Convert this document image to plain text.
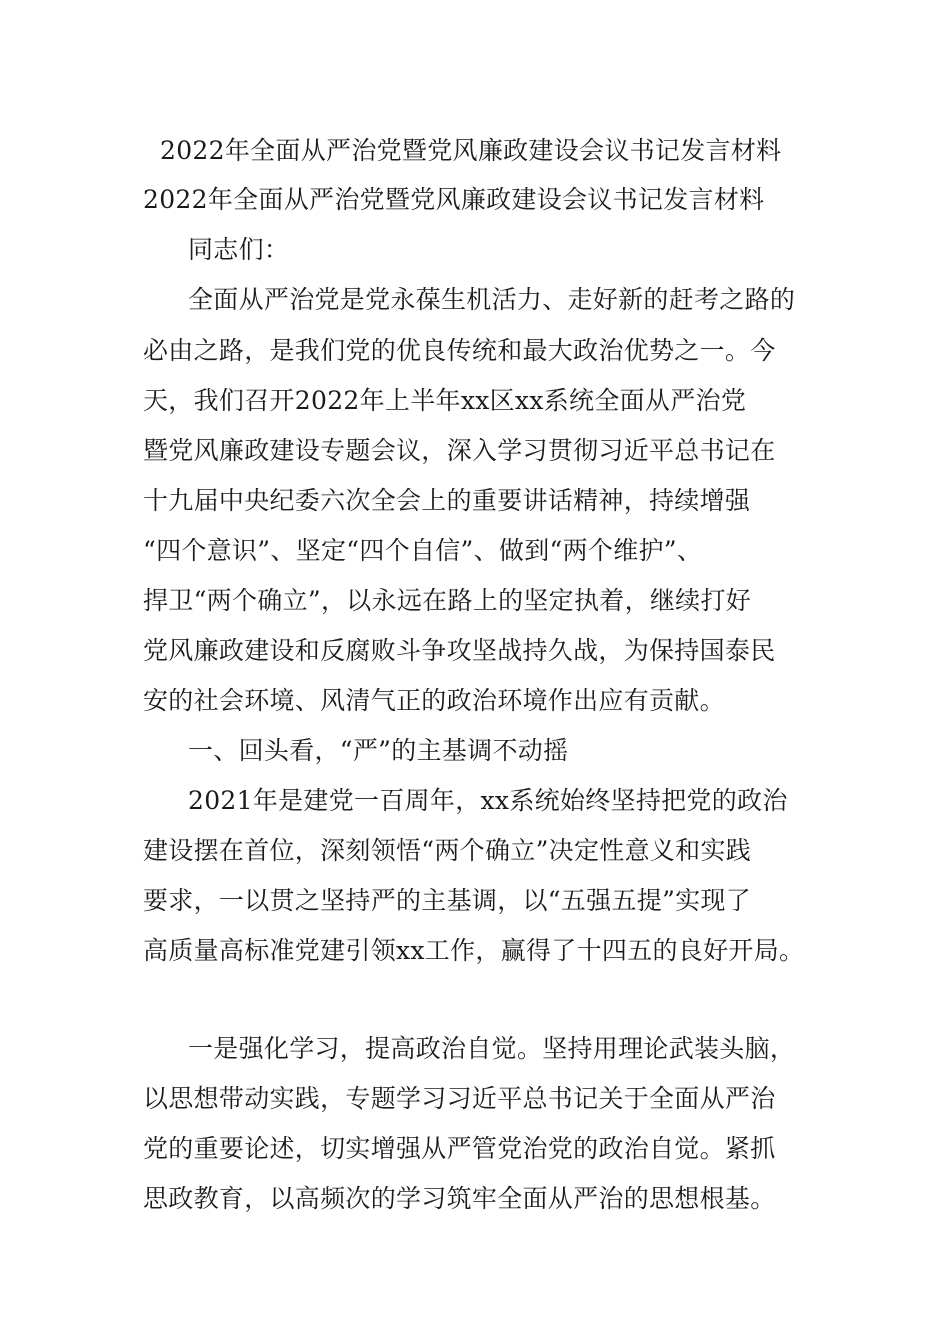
2022年全面从严治党暨党风廉政建设会议书记发言材料
2022年全面从严治党暨党风廉政建设会议书记发言材料
同志们：
全面从严治党是党永葆生机活力、走好新的赶考之路的
必由之路，是我们党的优良传统和最大政治优势之一。今
天，我们召开2022年上半年xx区xx系统全面从严治党
暨党风廉政建设专题会议，深入学习贯彻习近平总书记在
十九届中央纪委六次全会上的重要讲话精神，持续增强
“四个意识”、坚定“四个自信”、做到“两个维护”、
捍卫“两个确立”，以永远在路上的坚定执着，继续打好
党风廉政建设和反腐败斗争攻坚战持久战，为保持国泰民
安的社会环境、风清气正的政治环境作出应有贡献。
一、回头看，“严”的主基调不动摇
2021年是建党一百周年，xx系统始终坚持把党的政治
建设摆在首位，深刻领悟“两个确立”决定性意义和实践
要求，一以贯之坚持严的主基调，以“五强五提”实现了
高质量高标准党建引领xx工作，赢得了十四五的良好开局。
一是强化学习，提高政治自觉。坚持用理论武装头脑，
以思想带动实践，专题学习习近平总书记关于全面从严治
党的重要论述，切实增强从严管党治党的政治自觉。紧抓
思政教育，以高频次的学习筑牢全面从严治的思想根基。
